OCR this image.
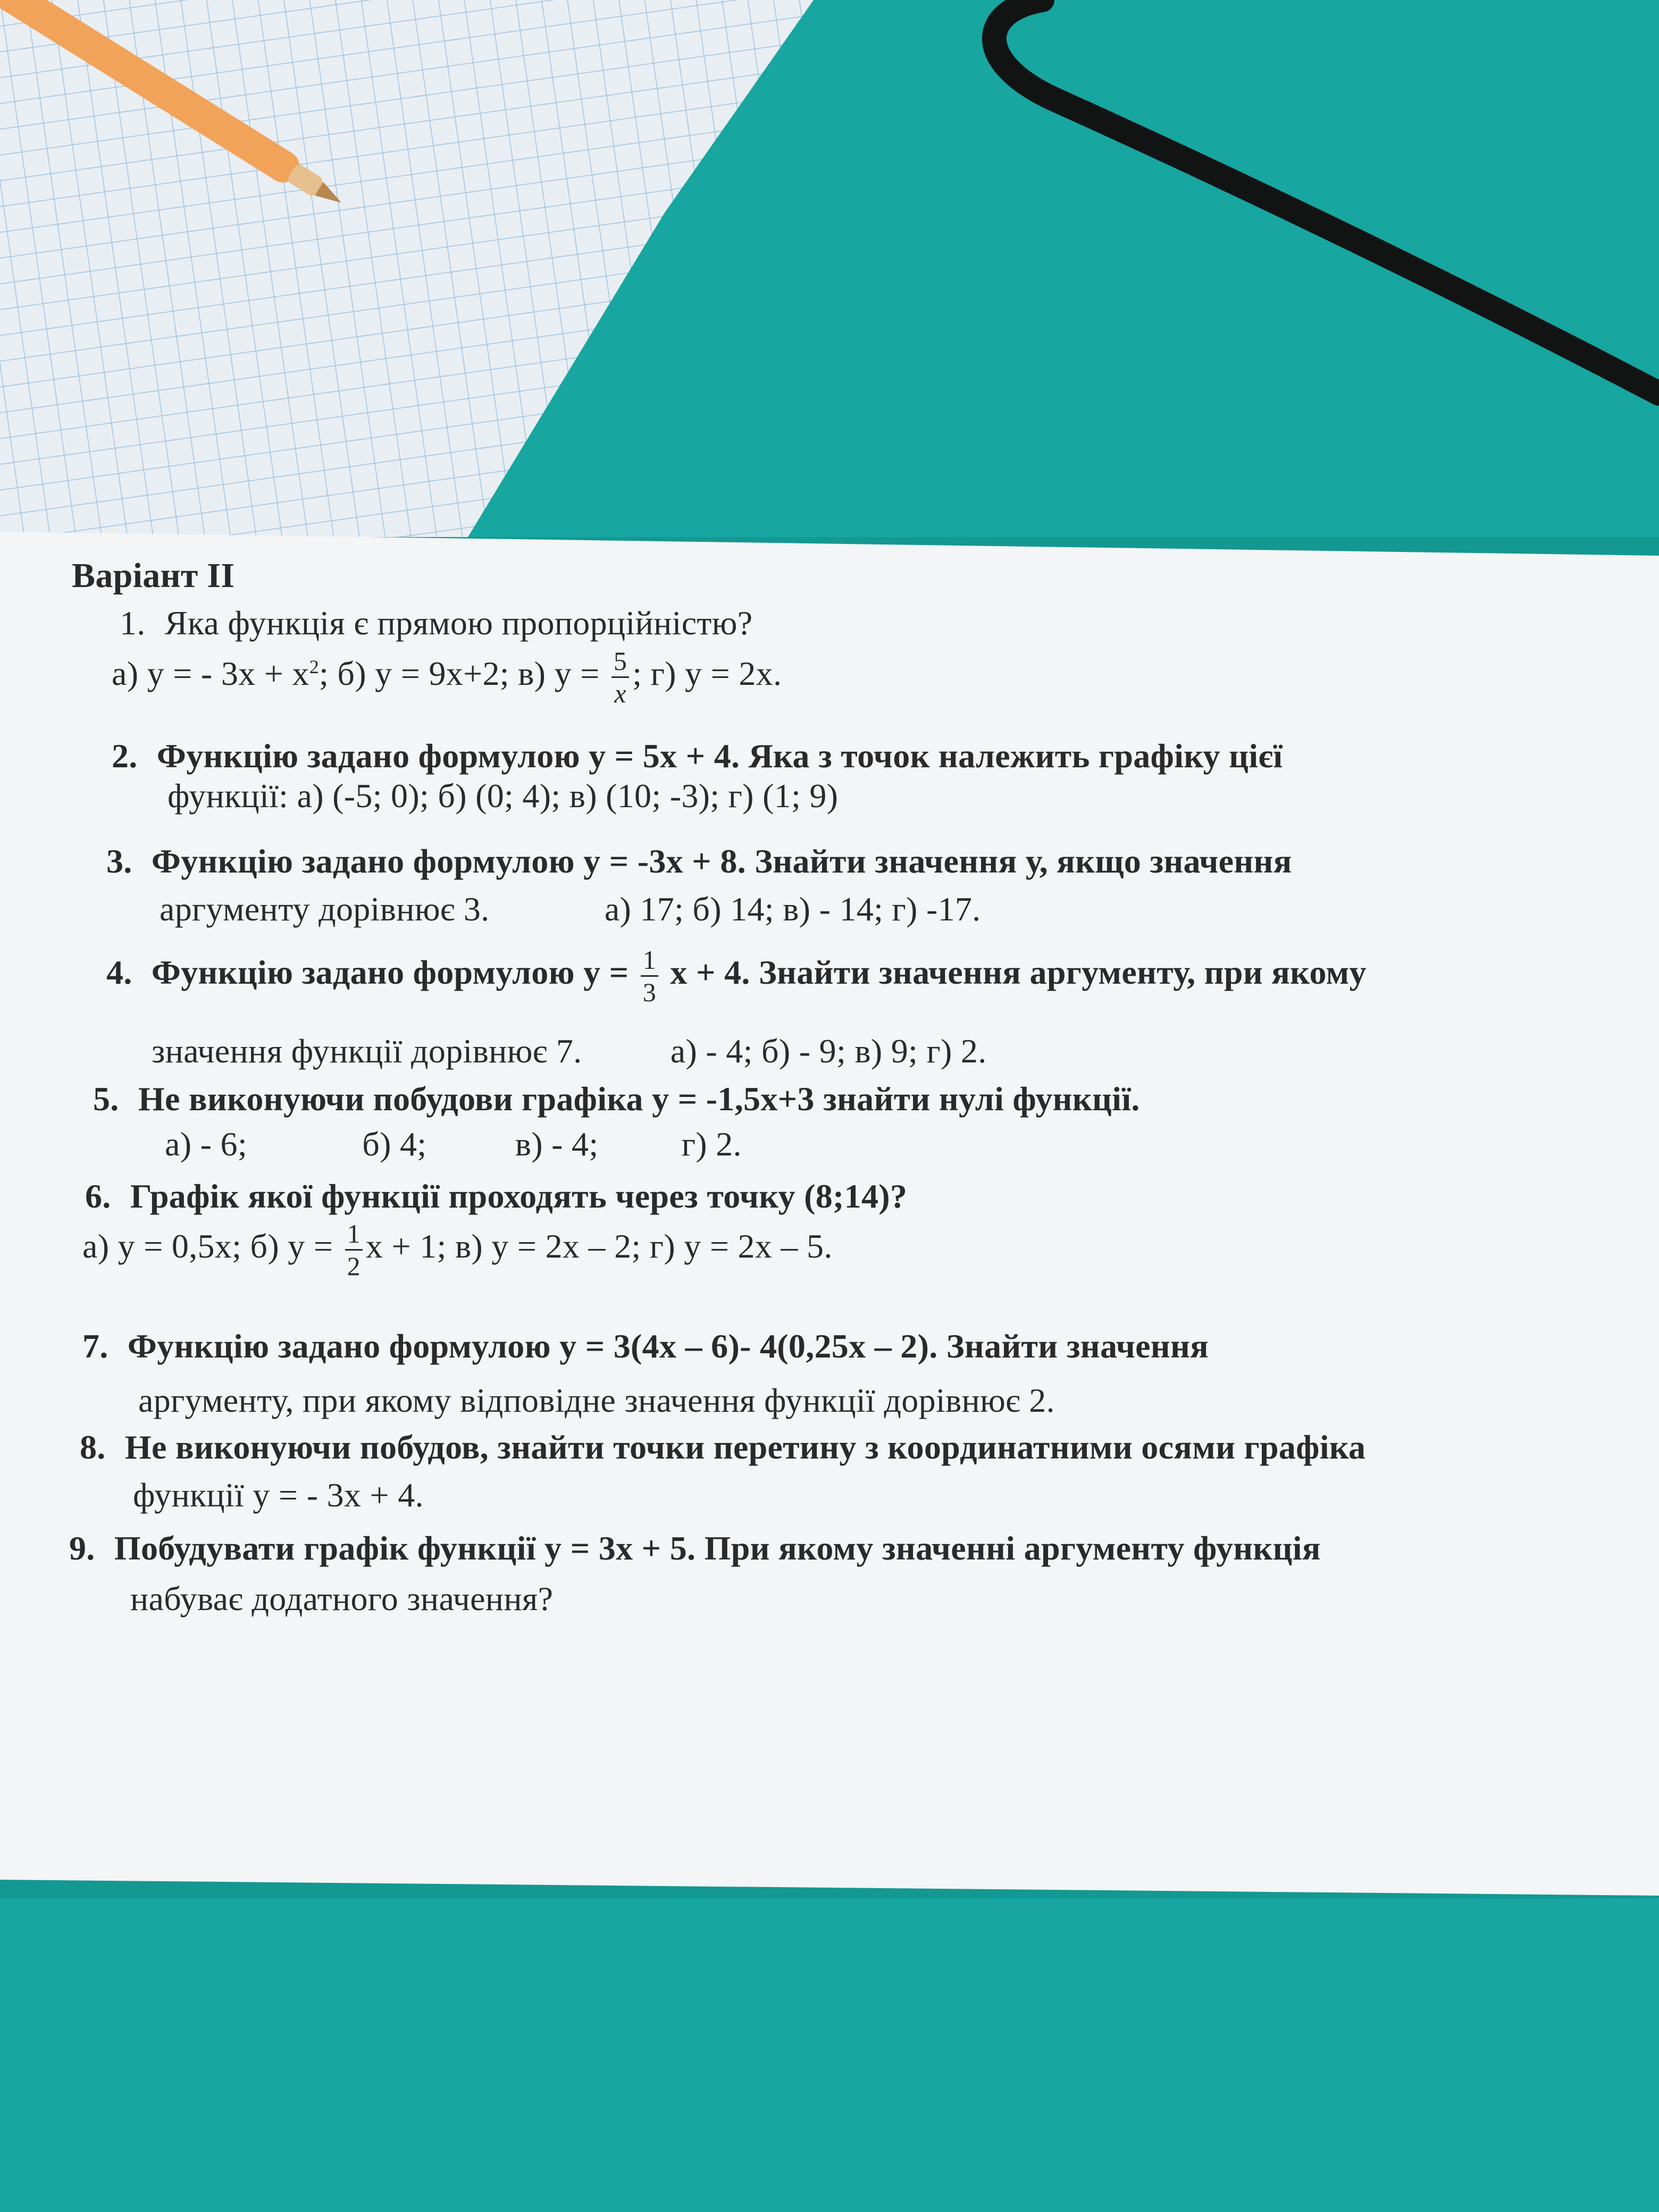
Варіант II
1. Яка функція є прямою пропорційністю?
а) y = - $3x + x^2$; б) y = 9x+2; в) $y = \frac{5}{x}$ ; г) y = 2x.
2. Функцію задано формулою y = 5x + 4. Яка з точок належить графіку цієї
функції: а) (-5; 0); б) (0; 4); в) (10; -3); г) (1; 9)
3. Функцію задано формулою y = -3x + 8. Знайти значення у, якщо значення
аргументу дорівнює 3.	а) 17; б) 14; в) - 14; г) -17.
4. Функцію задано формулою $y = \frac{1}{3}$ x + 4. Знайти значення аргументу, при якому
значення функції дорівнює 7.	а) - 4; б) - 9; в) 9; г) 2.
5. Не виконуючи побудови графіка y = -1,5x+3 знайти нулі функції.
а) - 6;	б) 4;	в) - 4; г) 2.
6. Графік якої функції проходять через точку (8;14)?
а) y = 0,5x; б) $y = \frac{1}{2}$ x + 1; в) y = 2x – 2; г) y = 2x – 5.
7. Функцію задано формулою y = 3(4x – 6)- 4(0,25x – 2). Знайти значення
аргументу, при якому відповідне значення функції дорівнює 2.
8. Не виконуючи побудов, знайти точки перетину з координатними осями графіка
функції y = - 3x + 4.
9. Побудувати графік функції y = 3x + 5. При якому значенні аргументу функція
набуває додатного значення?
